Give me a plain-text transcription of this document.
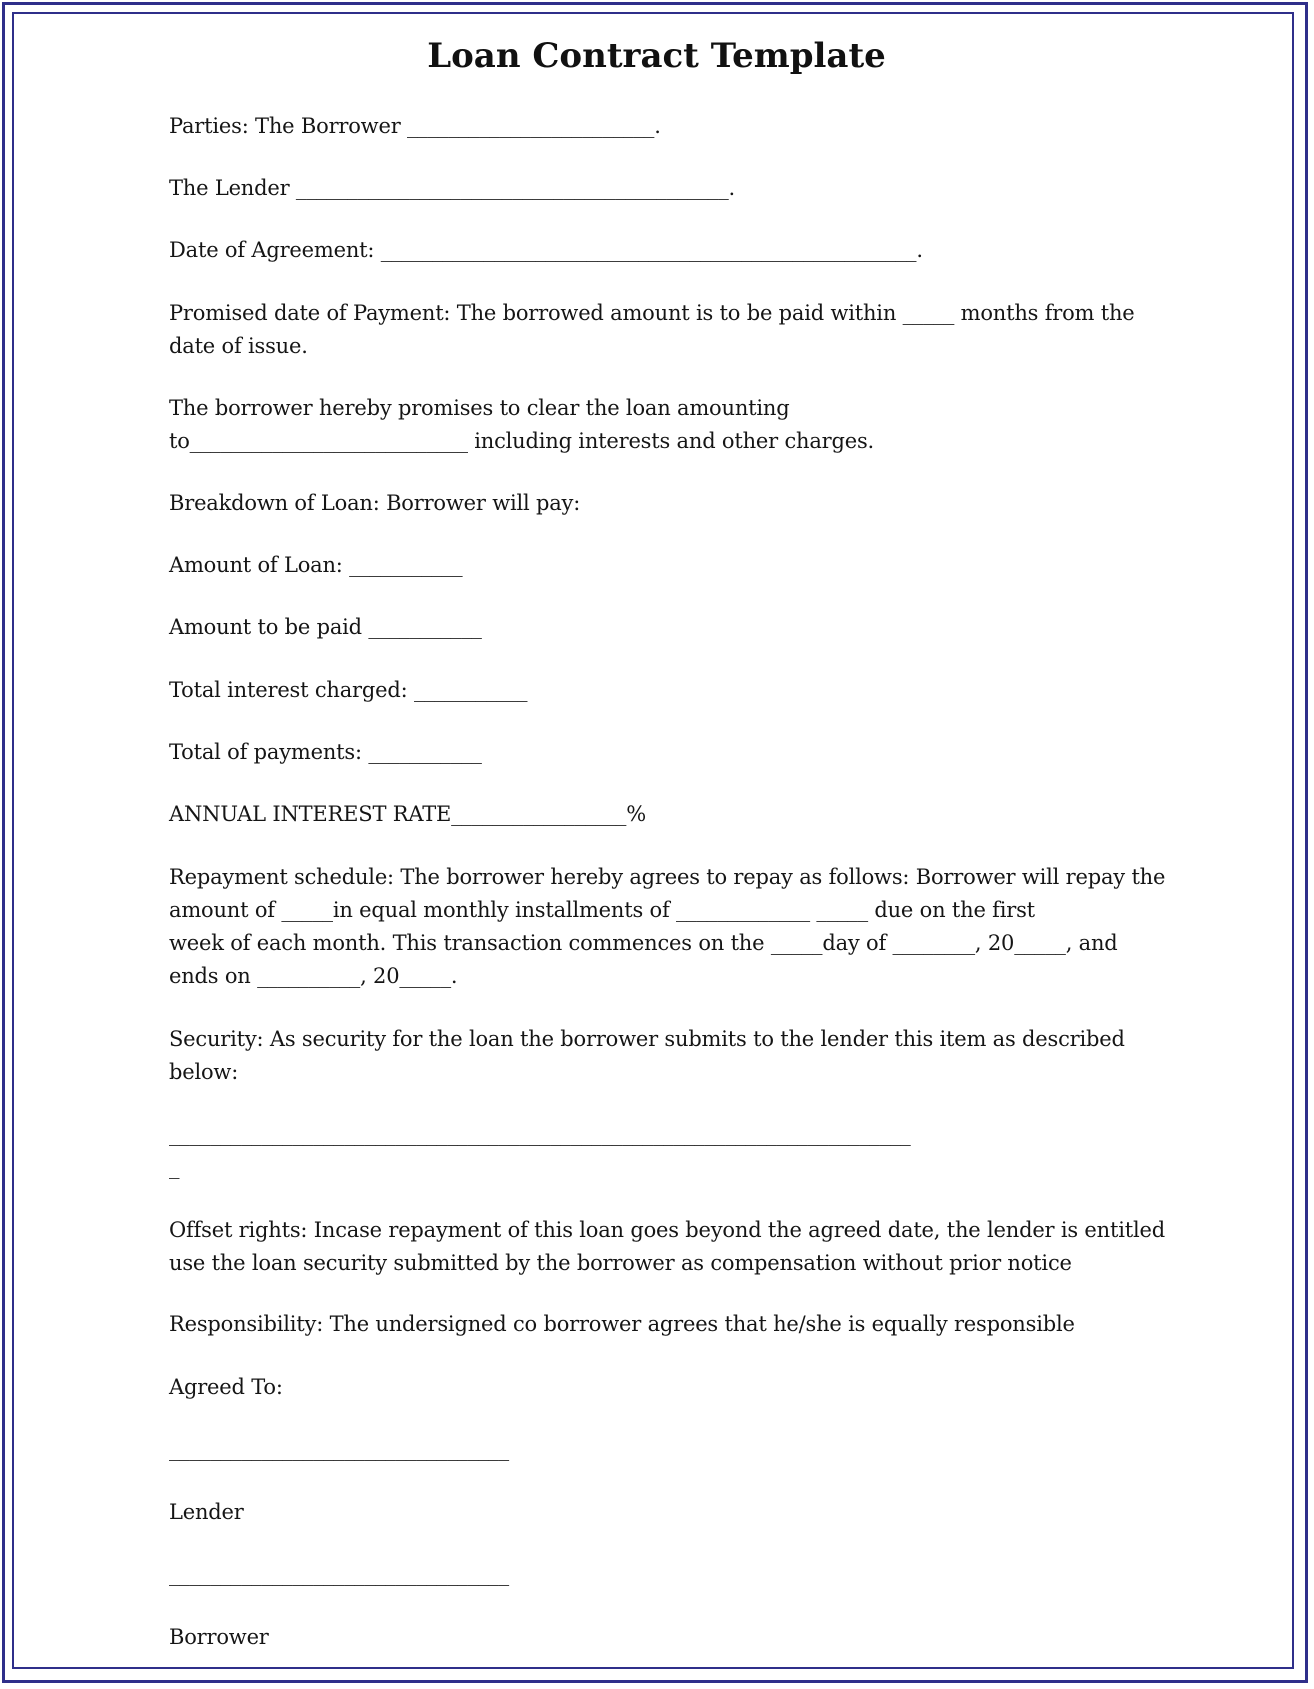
Loan Contract Template
Parties: The Borrower ________________________.
The Lender __________________________________________.
Date of Agreement: ____________________________________________________.
Promised date of Payment: The borrowed amount is to be paid within _____ months from the
date of issue.
The borrower hereby promises to clear the loan amounting
to___________________________ including interests and other charges.
Breakdown of Loan: Borrower will pay:
Amount of Loan: ___________
Amount to be paid ___________
Total interest charged: ___________
Total of payments: ___________
ANNUAL INTEREST RATE_________________%
Repayment schedule: The borrower hereby agrees to repay as follows: Borrower will repay the
amount of _____in equal monthly installments of _____________ _____ due on the first
week of each month. This transaction commences on the _____day of ________, 20_____, and
ends on __________, 20_____.
Security: As security for the loan the borrower submits to the lender this item as described
below:
________________________________________________________________________
_
Offset rights: Incase repayment of this loan goes beyond the agreed date, the lender is entitled
use the loan security submitted by the borrower as compensation without prior notice
Responsibility: The undersigned co borrower agrees that he/she is equally responsible
Agreed To:
_________________________________
Lender
_________________________________
Borrower
